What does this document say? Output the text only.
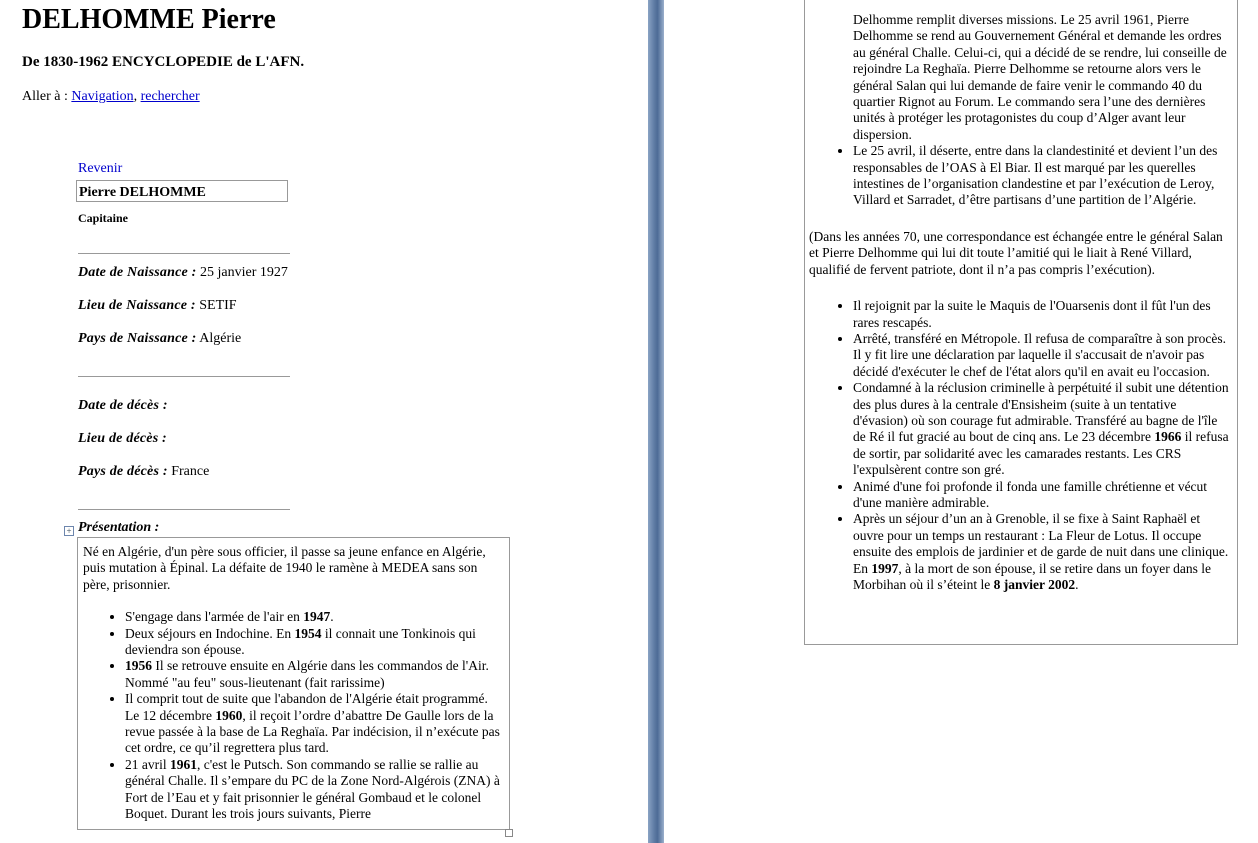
DELHOMME Pierre
De 1830-1962 ENCYCLOPEDIE de L'AFN.
Aller à : Navigation, rechercher
Revenir
Pierre DELHOMME
Capitaine
Date de Naissance : 25 janvier 1927
Lieu de Naissance : SETIF
Pays de Naissance : Algérie
Date de décès :
Lieu de décès :
Pays de décès : France
+ Présentation :

Né en Algérie, d'un père sous officier, il passe sa jeune enfance en Algérie, puis mutation à Épinal. La défaite de 1940 le ramène à MEDEA sans son père, prisonnier.

• S'engage dans l'armée de l'air en 1947.
• Deux séjours en Indochine. En 1954 il connait une Tonkinois qui deviendra son épouse.
• 1956 Il se retrouve ensuite en Algérie dans les commandos de l'Air. Nommé "au feu" sous-lieutenant (fait rarissime)
• Il comprit tout de suite que l'abandon de l'Algérie était programmé. Le 12 décembre 1960, il reçoit l’ordre d’abattre De Gaulle lors de la revue passée à la base de La Reghaïa. Par indécision, il n’exécute pas cet ordre, ce qu’il regrettera plus tard.
• 21 avril 1961, c'est le Putsch. Son commando se rallie se rallie au général Challe. Il s’empare du PC de la Zone Nord-Algérois (ZNA) à Fort de l’Eau et y fait prisonnier le général Gombaud et le colonel Boquet. Durant les trois jours suivants, Pierre

Delhomme remplit diverses missions. Le 25 avril 1961, Pierre Delhomme se rend au Gouvernement Général et demande les ordres au général Challe. Celui-ci, qui a décidé de se rendre, lui conseille de rejoindre La Reghaïa. Pierre Delhomme se retourne alors vers le général Salan qui lui demande de faire venir le commando 40 du quartier Rignot au Forum. Le commando sera l’une des dernières unités à protéger les protagonistes du coup d’Alger avant leur dispersion.

• Le 25 avril, il déserte, entre dans la clandestinité et devient l’un des responsables de l’OAS à El Biar. Il est marqué par les querelles intestines de l’organisation clandestine et par l’exécution de Leroy, Villard et Sarradet, d’être partisans d’une partition de l’Algérie.

(Dans les années 70, une correspondance est échangée entre le général Salan et Pierre Delhomme qui lui dit toute l’amitié qui le liait à René Villard, qualifié de fervent patriote, dont il n’a pas compris l’exécution).

• Il rejoignit par la suite le Maquis de l'Ouarsenis dont il fût l'un des rares rescapés.
• Arrêté, transféré en Métropole. Il refusa de comparaître à son procès. Il y fit lire une déclaration par laquelle il s'accusait de n'avoir pas décidé d'exécuter le chef de l'état alors qu'il en avait eu l'occasion.
• Condamné à la réclusion criminelle à perpétuité il subit une détention des plus dures à la centrale d'Ensisheim (suite à un tentative d'évasion) où son courage fut admirable. Transféré au bagne de l'île de Ré il fut gracié au bout de cinq ans. Le 23 décembre 1966 il refusa de sortir, par solidarité avec les camarades restants. Les CRS l'expulsèrent contre son gré.
• Animé d'une foi profonde il fonda une famille chrétienne et vécut d'une manière admirable.
• Après un séjour d’un an à Grenoble, il se fixe à Saint Raphaël et ouvre pour un temps un restaurant : La Fleur de Lotus. Il occupe ensuite des emplois de jardinier et de garde de nuit dans une clinique. En 1997, à la mort de son épouse, il se retire dans un foyer dans le Morbihan où il s’éteint le 8 janvier 2002.
